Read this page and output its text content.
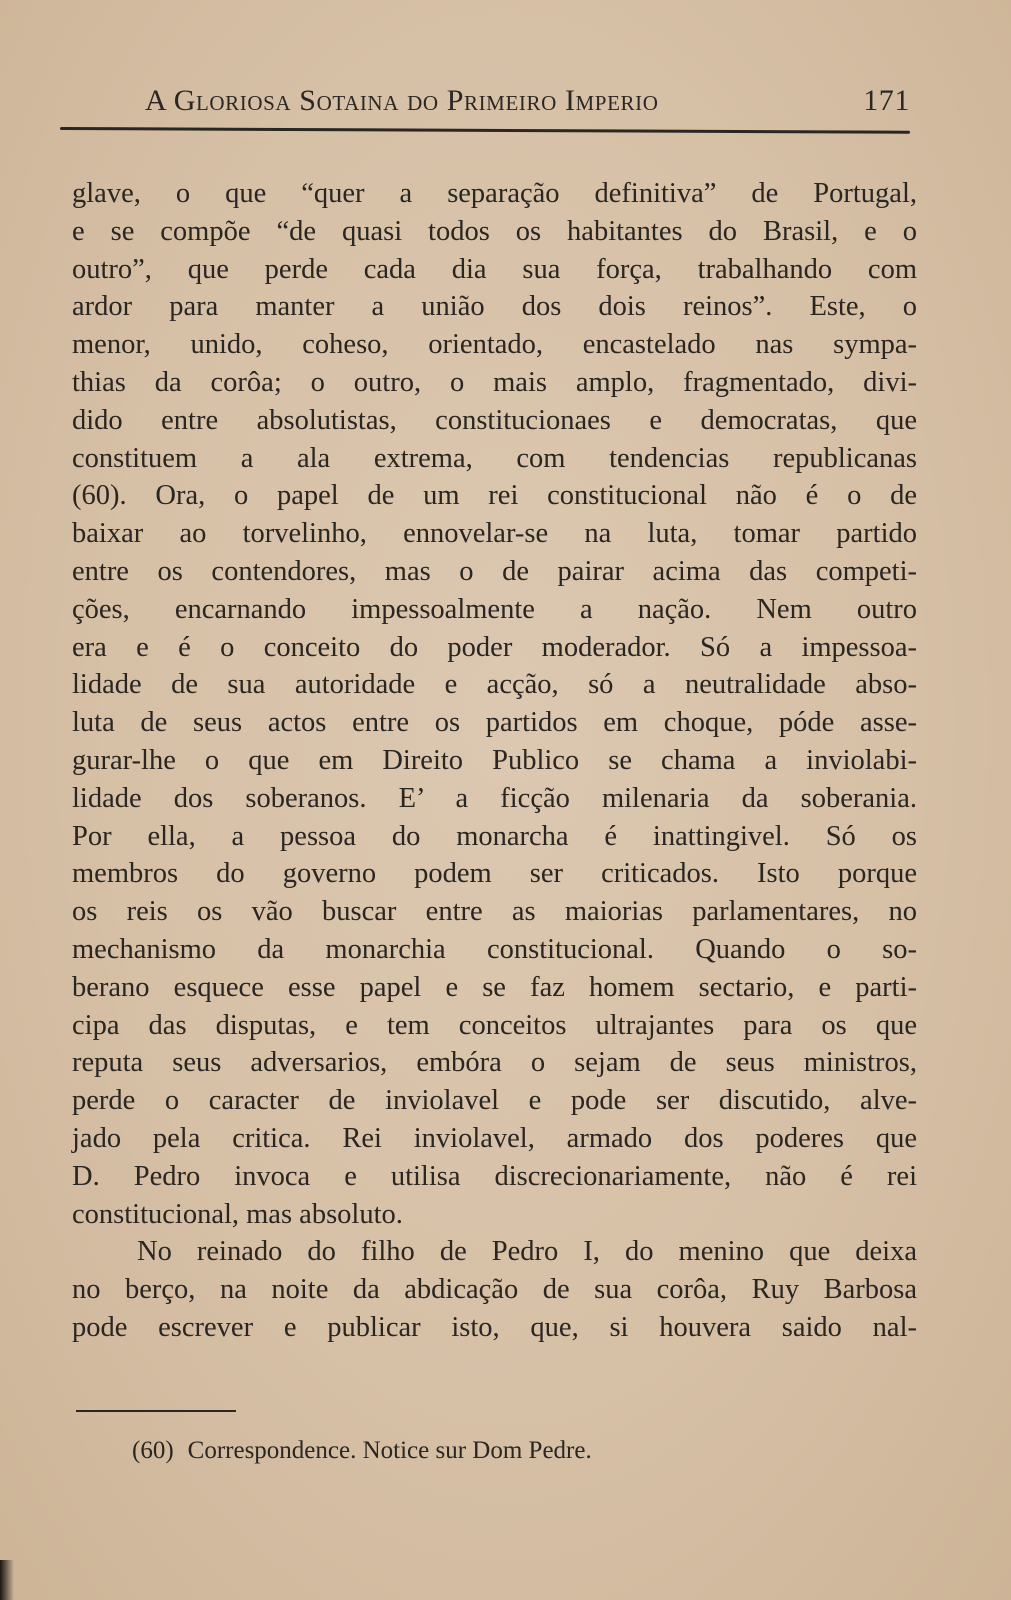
A Gloriosa Sotaina do Primeiro Imperio	171
glave, o que “quer a separação definitiva” de Portugal,
e se compõe “de quasi todos os habitantes do Brasil, e o
outro”, que perde cada dia sua força, trabalhando com
ardor para manter a união dos dois reinos”. Este, o
menor, unido, coheso, orientado, encastelado nas sympa-
thias da corôa; o outro, o mais amplo, fragmentado, divi-
dido entre absolutistas, constitucionaes e democratas, que
constituem a ala extrema, com tendencias republicanas
(60). Ora, o papel de um rei constitucional não é o de
baixar ao torvelinho, ennovelar-se na luta, tomar partido
entre os contendores, mas o de pairar acima das competi-
ções, encarnando impessoalmente a nação. Nem outro
era e é o conceito do poder moderador. Só a impessoa-
lidade de sua autoridade e acção, só a neutralidade abso-
luta de seus actos entre os partidos em choque, póde asse-
gurar-lhe o que em Direito Publico se chama a inviolabi-
lidade dos soberanos. E’ a ficção milenaria da soberania.
Por ella, a pessoa do monarcha é inattingivel. Só os
membros do governo podem ser criticados. Isto porque
os reis os vão buscar entre as maiorias parlamentares, no
mechanismo da monarchia constitucional. Quando o so-
berano esquece esse papel e se faz homem sectario, e parti-
cipa das disputas, e tem conceitos ultrajantes para os que
reputa seus adversarios, embóra o sejam de seus ministros,
perde o caracter de inviolavel e pode ser discutido, alve-
jado pela critica. Rei inviolavel, armado dos poderes que
D. Pedro invoca e utilisa discrecionariamente, não é rei
constitucional, mas absoluto.
No reinado do filho de Pedro I, do menino que deixa
no berço, na noite da abdicação de sua corôa, Ruy Barbosa
pode escrever e publicar isto, que, si houvera saido nal-
(60) Correspondence. Notice sur Dom Pedre.
